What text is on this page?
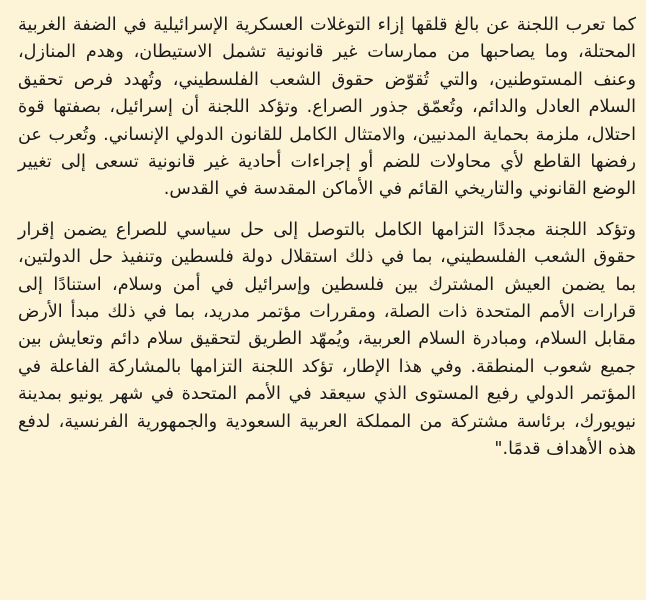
كما تعرب اللجنة عن بالغ قلقها إزاء التوغلات العسكرية الإسرائيلية في الضفة الغربية المحتلة، وما يصاحبها من ممارسات غير قانونية تشمل الاستيطان، وهدم المنازل، وعنف المستوطنين، والتي تُقوّض حقوق الشعب الفلسطيني، وتُهدد فرص تحقيق السلام العادل والدائم، وتُعمّق جذور الصراع. وتؤكد اللجنة أن إسرائيل، بصفتها قوة احتلال، ملزمة بحماية المدنيين، والامتثال الكامل للقانون الدولي الإنساني. وتُعرب عن رفضها القاطع لأي محاولات للضم أو إجراءات أحادية غير قانونية تسعى إلى تغيير الوضع القانوني والتاريخي القائم في الأماكن المقدسة في القدس.

وتؤكد اللجنة مجددًا التزامها الكامل بالتوصل إلى حل سياسي للصراع يضمن إقرار حقوق الشعب الفلسطيني، بما في ذلك استقلال دولة فلسطين وتنفيذ حل الدولتين، بما يضمن العيش المشترك بين فلسطين وإسرائيل في أمن وسلام، استنادًا إلى قرارات الأمم المتحدة ذات الصلة، ومقررات مؤتمر مدريد، بما في ذلك مبدأ الأرض مقابل السلام، ومبادرة السلام العربية، ويُمهّد الطريق لتحقيق سلام دائم وتعايش بين جميع شعوب المنطقة. وفي هذا الإطار، تؤكد اللجنة التزامها بالمشاركة الفاعلة في المؤتمر الدولي رفيع المستوى الذي سيعقد في الأمم المتحدة في شهر يونيو بمدينة نيويورك، برئاسة مشتركة من المملكة العربية السعودية والجمهورية الفرنسية، لدفع هذه الأهداف قدمًا."
